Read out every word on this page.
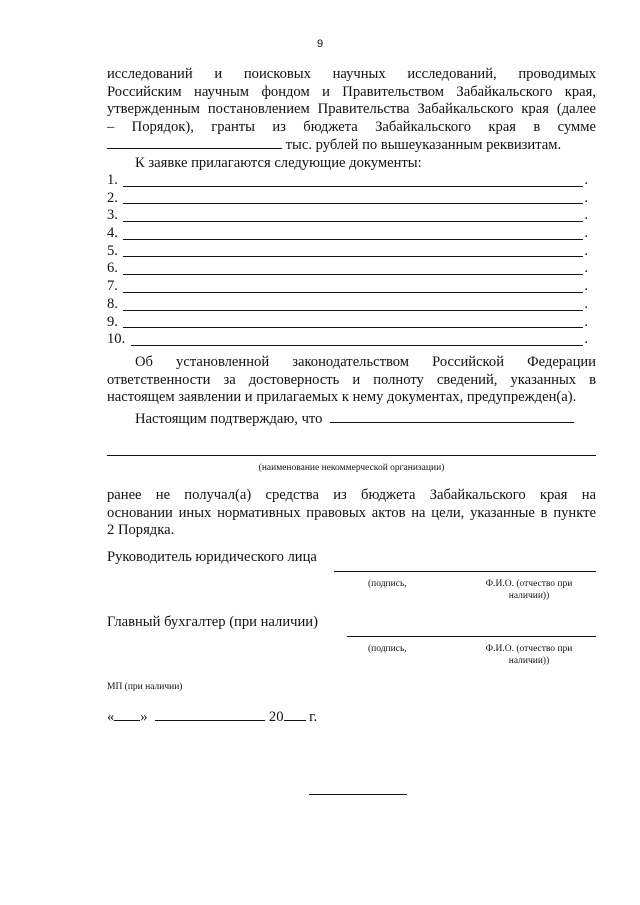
9
исследований и поисковых научных исследований, проводимых
Российским научным фондом и Правительством Забайкальского края,
утвержденным постановлением Правительства Забайкальского края (далее
– Порядок), гранты из бюджета Забайкальского края в сумме
тыс. рублей по вышеуказанным реквизитам.
К заявке прилагаются следующие документы:
1.	.
2.	.
3.	.
4.	.
5.	.
6.	.
7.	.
8.	.
9.	.
10.	.
Об установленной законодательством Российской Федерации
ответственности за достоверность и полноту сведений, указанных в
настоящем заявлении и прилагаемых к нему документах, предупрежден(а).
Настоящим подтверждаю, что
(наименование некоммерческой организации)
ранее не получал(а) средства из бюджета Забайкальского края на
основании иных нормативных правовых актов на цели, указанные в пункте
2 Порядка.
Руководитель юридического лица
(подпись,	Ф.И.О. (отчество при
наличии))
Главный бухгалтер (при наличии)
(подпись,	Ф.И.О. (отчество при
наличии))
МП (при наличии)
« »	20 г.
